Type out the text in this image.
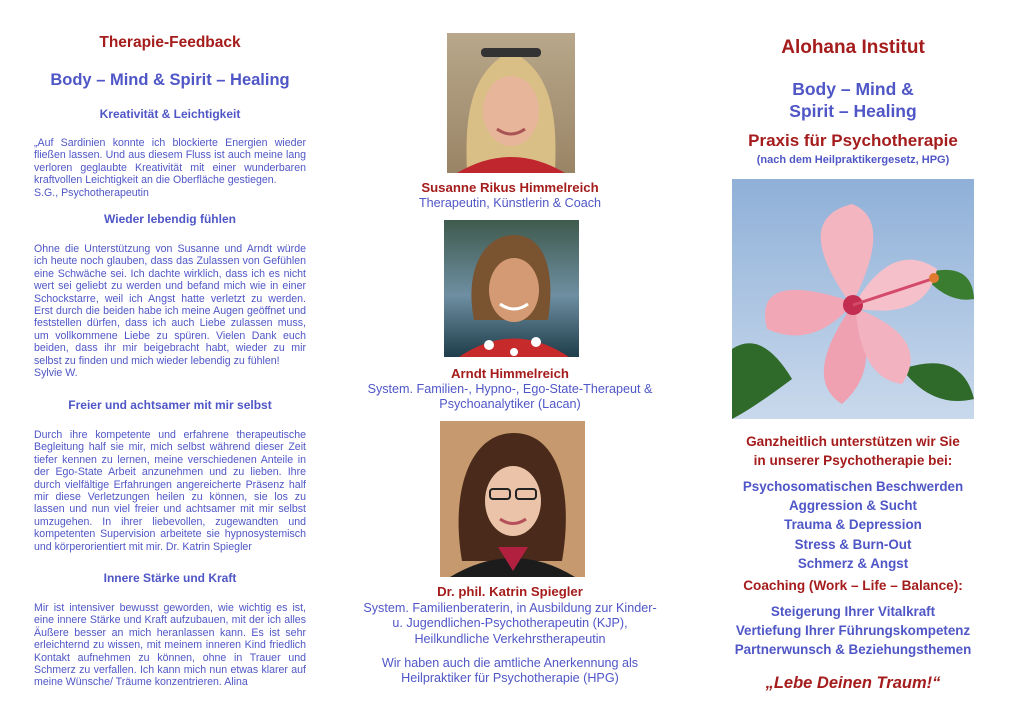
Therapie-Feedback
Body – Mind & Spirit – Healing
Kreativität & Leichtigkeit

„Auf Sardinien konnte ich blockierte Energien wieder fließen lassen. Und aus diesem Fluss ist auch meine lang verloren geglaubte Kreativität mit einer wunderbaren kraftvollen Leichtigkeit an die Oberfläche gestiegen.
S.G., Psychotherapeutin

Wieder lebendig fühlen

Ohne die Unterstützung von Susanne und Arndt würde ich heute noch glauben, dass das Zulassen von Gefühlen eine Schwäche sei. Ich dachte wirklich, dass ich es nicht wert sei geliebt zu werden und befand mich wie in einer Schockstarre, weil ich Angst hatte verletzt zu werden. Erst durch die beiden habe ich meine Augen geöffnet und feststellen dürfen, dass ich auch Liebe zulassen muss, um vollkommene Liebe zu spüren. Vielen Dank euch beiden, dass ihr mir beigebracht habt, wieder zu mir selbst zu finden und mich wieder lebendig zu fühlen!
Sylvie W.

Freier und achtsamer mit mir selbst

Durch ihre kompetente und erfahrene therapeutische Begleitung half sie mir, mich selbst während dieser Zeit tiefer kennen zu lernen, meine verschiedenen Anteile in der Ego-State Arbeit anzunehmen und zu lieben. Ihre durch vielfältige Erfahrungen angereicherte Präsenz half mir diese Verletzungen heilen zu können, sie los zu lassen und nun viel freier und achtsamer mit mir selbst umzugehen. In ihrer liebevollen, zugewandten und kompetenten Supervision arbeitete sie hypnosystemisch und körperorientiert mit mir. Dr. Katrin Spiegler

Innere Stärke und Kraft

Mir ist intensiver bewusst geworden, wie wichtig es ist, eine innere Stärke und Kraft aufzubauen, mit der ich alles Äußere besser an mich heranlassen kann. Es ist sehr erleichternd zu wissen, mit meinem inneren Kind friedlich Kontakt aufnehmen zu können, ohne in Trauer und Schmerz zu verfallen. Ich kann mich nun etwas klarer auf meine Wünsche/ Träume konzentrieren. Alina

Susanne Rikus Himmelreich

Therapeutin, Künstlerin & Coach

Arndt Himmelreich

System. Familien-, Hypno-, Ego-State-Therapeut & Psychoanalytiker (Lacan)

Dr. phil. Katrin Spiegler

System. Familienberaterin, in Ausbildung zur Kinder- u. Jugendlichen-Psychotherapeutin (KJP), Heilkundliche Verkehrstherapeutin

Wir haben auch die amtliche Anerkennung als Heilpraktiker für Psychotherapie (HPG)

Alohana Institut
Body – Mind &
Spirit – Healing
Praxis für Psychotherapie

(nach dem Heilpraktikergesetz, HPG)

Ganzheitlich unterstützen wir Sie
in unserer Psychotherapie bei:

Psychosomatischen Beschwerden
Aggression & Sucht
Trauma & Depression
Stress & Burn-Out
Schmerz & Angst

Coaching (Work – Life – Balance):

Steigerung Ihrer Vitalkraft
Vertiefung Ihrer Führungskompetenz
Partnerwunsch & Beziehungsthemen

„Lebe Deinen Traum!“
